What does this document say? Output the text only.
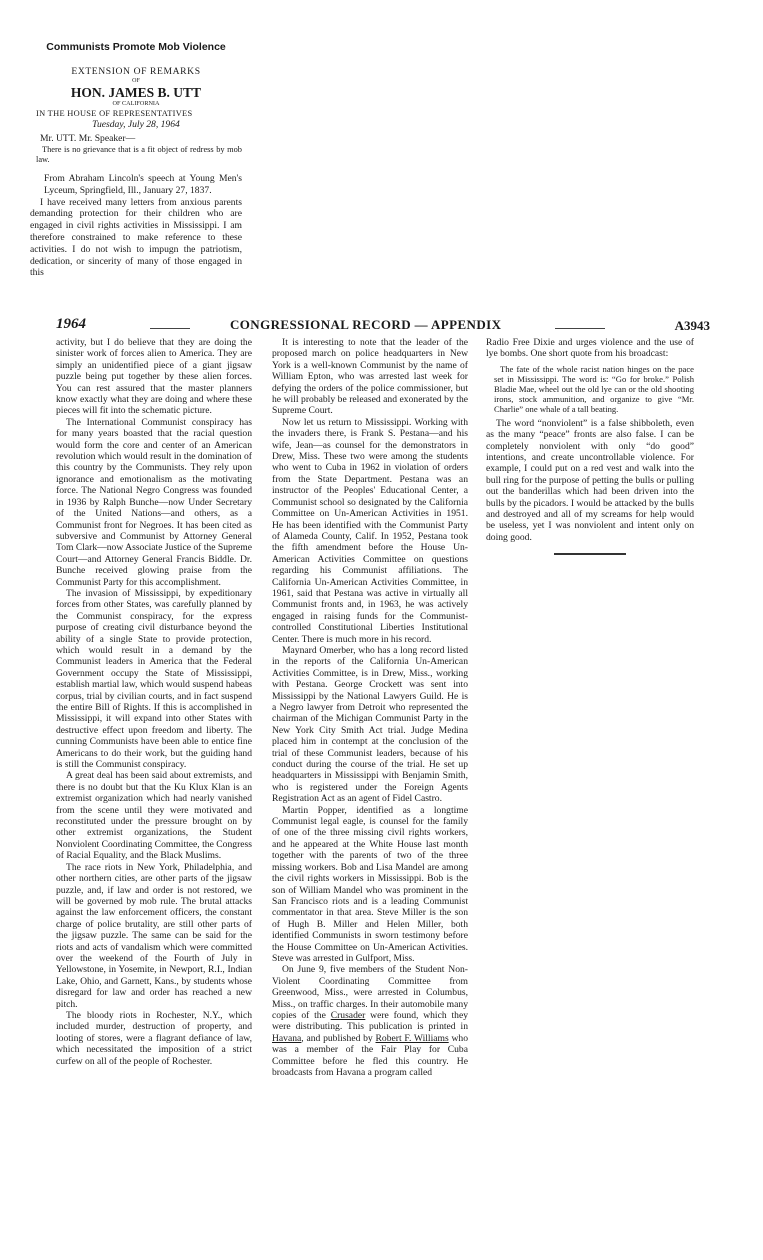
Communists Promote Mob Violence
EXTENSION OF REMARKS
OF
HON. JAMES B. UTT
OF CALIFORNIA
IN THE HOUSE OF REPRESENTATIVES
Tuesday, July 28, 1964

Mr. UTT. Mr. Speaker—

There is no grievance that is a fit object of redress by mob law.

From Abraham Lincoln's speech at Young Men's Lyceum, Springfield, Ill., January 27, 1837.

I have received many letters from anxious parents demanding protection for their children who are engaged in civil rights activities in Mississippi. I am therefore constrained to make reference to these activities. I do not wish to impugn the patriotism, dedication, or sincerity of many of those engaged in this

1964	CONGRESSIONAL RECORD — APPENDIX	A3943

activity, but I do believe that they are doing the sinister work of forces alien to America. They are simply an unidentified piece of a giant jigsaw puzzle being put together by these alien forces. You can rest assured that the master planners know exactly what they are doing and where these pieces will fit into the schematic picture.

The International Communist conspiracy has for many years boasted that the racial question would form the core and center of an American revolution which would result in the domination of this country by the Communists. They rely upon ignorance and emotionalism as the motivating force. The National Negro Congress was founded in 1936 by Ralph Bunche—now Under Secretary of the United Nations—and others, as a Communist front for Negroes. It has been cited as subversive and Communist by Attorney General Tom Clark—now Associate Justice of the Supreme Court—and Attorney General Francis Biddle. Dr. Bunche received glowing praise from the Communist Party for this accomplishment.

The invasion of Mississippi, by expeditionary forces from other States, was carefully planned by the Communist conspiracy, for the express purpose of creating civil disturbance beyond the ability of a single State to provide protection, which would result in a demand by the Communist leaders in America that the Federal Government occupy the State of Mississippi, establish martial law, which would suspend habeas corpus, trial by civilian courts, and in fact suspend the entire Bill of Rights. If this is accomplished in Mississippi, it will expand into other States with destructive effect upon freedom and liberty. The cunning Communists have been able to entice fine Americans to do their work, but the guiding hand is still the Communist conspiracy.

A great deal has been said about extremists, and there is no doubt but that the Ku Klux Klan is an extremist organization which had nearly vanished from the scene until they were motivated and reconstituted under the pressure brought on by other extremist organizations, the Student Nonviolent Coordinating Committee, the Congress of Racial Equality, and the Black Muslims.

The race riots in New York, Philadelphia, and other northern cities, are other parts of the jigsaw puzzle, and, if law and order is not restored, we will be governed by mob rule. The brutal attacks against the law enforcement officers, the constant charge of police brutality, are still other parts of the jigsaw puzzle. The same can be said for the riots and acts of vandalism which were committed over the weekend of the Fourth of July in Yellowstone, in Yosemite, in Newport, R.I., Indian Lake, Ohio, and Garnett, Kans., by students whose disregard for law and order has reached a new pitch.

The bloody riots in Rochester, N.Y., which included murder, destruction of property, and looting of stores, were a flagrant defiance of law, which necessitated the imposition of a strict curfew on all of the people of Rochester.

It is interesting to note that the leader of the proposed march on police headquarters in New York is a well-known Communist by the name of William Epton, who was arrested last week for defying the orders of the police commissioner, but he will probably be released and exonerated by the Supreme Court.

Now let us return to Mississippi. Working with the invaders there, is Frank S. Pestana—and his wife, Jean—as counsel for the demonstrators in Drew, Miss. These two were among the students who went to Cuba in 1962 in violation of orders from the State Department. Pestana was an instructor of the Peoples' Educational Center, a Communist school so designated by the California Committee on Un-American Activities in 1951. He has been identified with the Communist Party of Alameda County, Calif. In 1952, Pestana took the fifth amendment before the House Un-American Activities Committee on questions regarding his Communist affiliations. The California Un-American Activities Committee, in 1961, said that Pestana was active in virtually all Communist fronts and, in 1963, he was actively engaged in raising funds for the Communist-controlled Constitutional Liberties Institutional Center. There is much more in his record.

Maynard Omerber, who has a long record listed in the reports of the California Un-American Activities Committee, is in Drew, Miss., working with Pestana. George Crockett was sent into Mississippi by the National Lawyers Guild. He is a Negro lawyer from Detroit who represented the chairman of the Michigan Communist Party in the New York City Smith Act trial. Judge Medina placed him in contempt at the conclusion of the trial of these Communist leaders, because of his conduct during the course of the trial. He set up headquarters in Mississippi with Benjamin Smith, who is registered under the Foreign Agents Registration Act as an agent of Fidel Castro.

Martin Popper, identified as a longtime Communist legal eagle, is counsel for the family of one of the three missing civil rights workers, and he appeared at the White House last month together with the parents of two of the three missing workers. Bob and Lisa Mandel are among the civil rights workers in Mississippi. Bob is the son of William Mandel who was prominent in the San Francisco riots and is a leading Communist commentator in that area. Steve Miller is the son of Hugh B. Miller and Helen Miller, both identified Communists in sworn testimony before the House Committee on Un-American Activities. Steve was arrested in Gulfport, Miss.

On June 9, five members of the Student Non-Violent Coordinating Committee from Greenwood, Miss., were arrested in Columbus, Miss., on traffic charges. In their automobile many copies of the Crusader were found, which they were distributing. This publication is printed in Havana, and published by Robert F. Williams who was a member of the Fair Play for Cuba Committee before he fled this country. He broadcasts from Havana a program called

Radio Free Dixie and urges violence and the use of lye bombs. One short quote from his broadcast:

The fate of the whole racist nation hinges on the pace set in Mississippi. The word is: “Go for broke.” Polish Bladie Mae, wheel out the old lye can or the old shooting irons, stock ammunition, and organize to give “Mr. Charlie” one whale of a tall beating.

The word “nonviolent” is a false shibboleth, even as the many “peace” fronts are also false. I can be completely nonviolent with only “do good” intentions, and create uncontrollable violence. For example, I could put on a red vest and walk into the bull ring for the purpose of petting the bulls or pulling out the banderillas which had been driven into the bulls by the picadors. I would be attacked by the bulls and destroyed and all of my screams for help would be useless, yet I was nonviolent and intent only on doing good.
